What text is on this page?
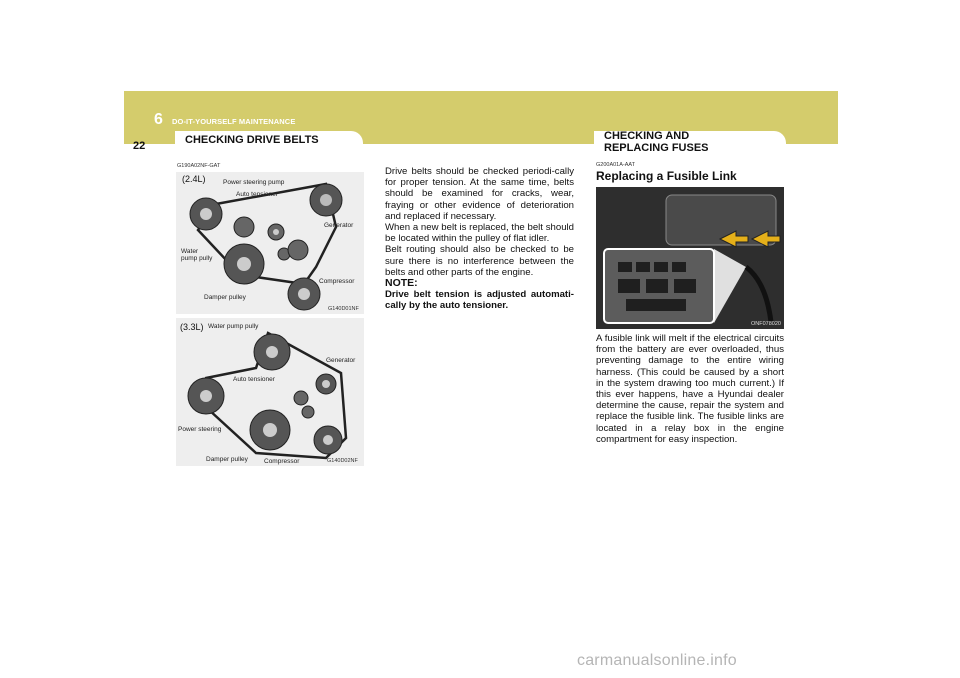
6 DO-IT-YOURSELF MAINTENANCE
22	CHECKING DRIVE BELTS	CHECKING AND REPLACING FUSES
G190A02NF-GAT
(2.4L)	Power steering pump
Auto tensioner
Generator
Water
pump pully
Compressor
Damper pulley
G140D01NF
(3.3L) Water pump pully
Generator
Auto tensioner
Power steering
Damper pulley Compressor	G140D02NF

Drive belts should be checked periodi-cally for proper tension. At the same time, belts should be examined for cracks, wear, fraying or other evidence of deterioration and replaced if necessary.

When a new belt is replaced, the belt should be located within the pulley of flat idler.

Belt routing should also be checked to be sure there is no interference between the belts and other parts of the engine.

NOTE:

Drive belt tension is adjusted automati-cally by the auto tensioner.

G200A01A-AAT
Replacing a Fusible Link
ONF078020

A fusible link will melt if the electrical circuits from the battery are ever overloaded, thus preventing damage to the entire wiring harness. (This could be caused by a short in the system drawing too much current.) If this ever happens, have a Hyundai dealer determine the cause, repair the system and replace the fusible link. The fusible links are located in a relay box in the engine compartment for easy inspection.

carmanualsonline.info
